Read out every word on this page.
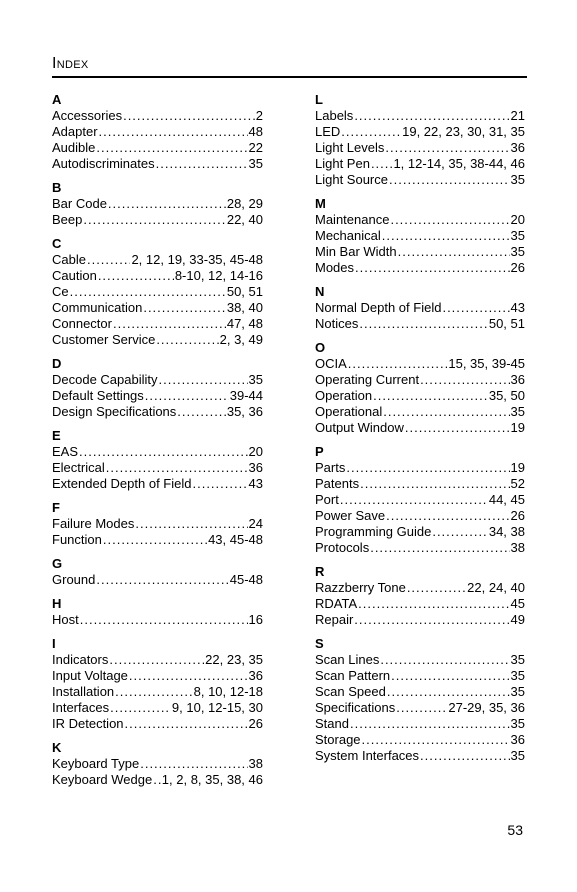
Index
A
Accessories .....	2
Adapter .....	48
Audible .....	22
Autodiscriminates .....	35
B
Bar Code .....	28, 29
Beep .....	22, 40
C
Cable .....	2, 12, 19, 33-35, 45-48
Caution .....	8-10, 12, 14-16
Ce .....	50, 51
Communication .....	38, 40
Connector .....	47, 48
Customer Service .....	2, 3, 49
D
Decode Capability .....	35
Default Settings .....	39-44
Design Specifications .....	35, 36
E
EAS .....	20
Electrical .....	36
Extended Depth of Field .....	43
F
Failure Modes .....	24
Function .....	43, 45-48
G
Ground .....	45-48
H
Host .....	16
I
Indicators .....	22, 23, 35
Input Voltage .....	36
Installation .....	8, 10, 12-18
Interfaces .....	9, 10, 12-15, 30
IR Detection .....	26
K
Keyboard Type .....	38
Keyboard Wedge ..... 1, 2, 8, 35, 38, 46
L
Labels .....	21
LED .....	19, 22, 23, 30, 31, 35
Light Levels .....	36
Light Pen ..... 1, 12-14, 35, 38-44, 46
Light Source .....	35
M
Maintenance .....	20
Mechanical .....	35
Min Bar Width .....	35
Modes .....	26
N
Normal Depth of Field .....	43
Notices .....	50, 51
O
OCIA .....	15, 35, 39-45
Operating Current .....	36
Operation .....	35, 50
Operational .....	35
Output Window .....	19
P
Parts .....	19
Patents .....	52
Port .....	44, 45
Power Save .....	26
Programming Guide .....	34, 38
Protocols .....	38
R
Razzberry Tone .....	22, 24, 40
RDATA .....	45
Repair .....	49
S
Scan Lines .....	35
Scan Pattern .....	35
Scan Speed .....	35
Specifications .....	27-29, 35, 36
Stand .....	35
Storage .....	36
System Interfaces .....	35
53
